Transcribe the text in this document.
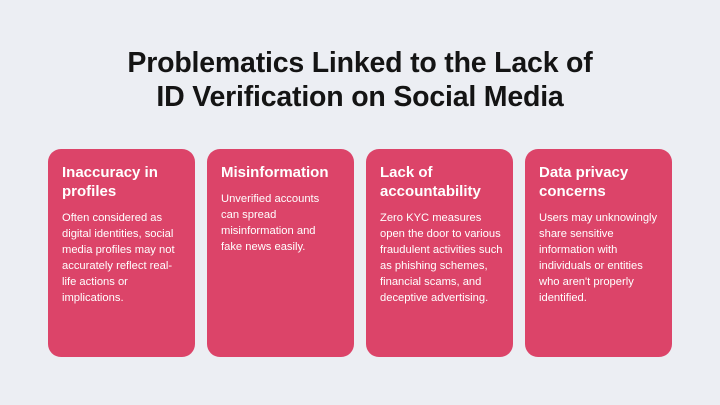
Problematics Linked to the Lack of
ID Verification on Social Media
Inaccuracy in profiles

Often considered as digital identities, social media profiles may not accurately reflect real-life actions or implications.

Misinformation

Unverified accounts can spread misinformation and fake news easily.

Lack of accountability

Zero KYC measures open the door to various fraudulent activities such as phishing schemes, financial scams, and deceptive advertising.

Data privacy concerns

Users may unknowingly share sensitive information with individuals or entities who aren't properly identified.
